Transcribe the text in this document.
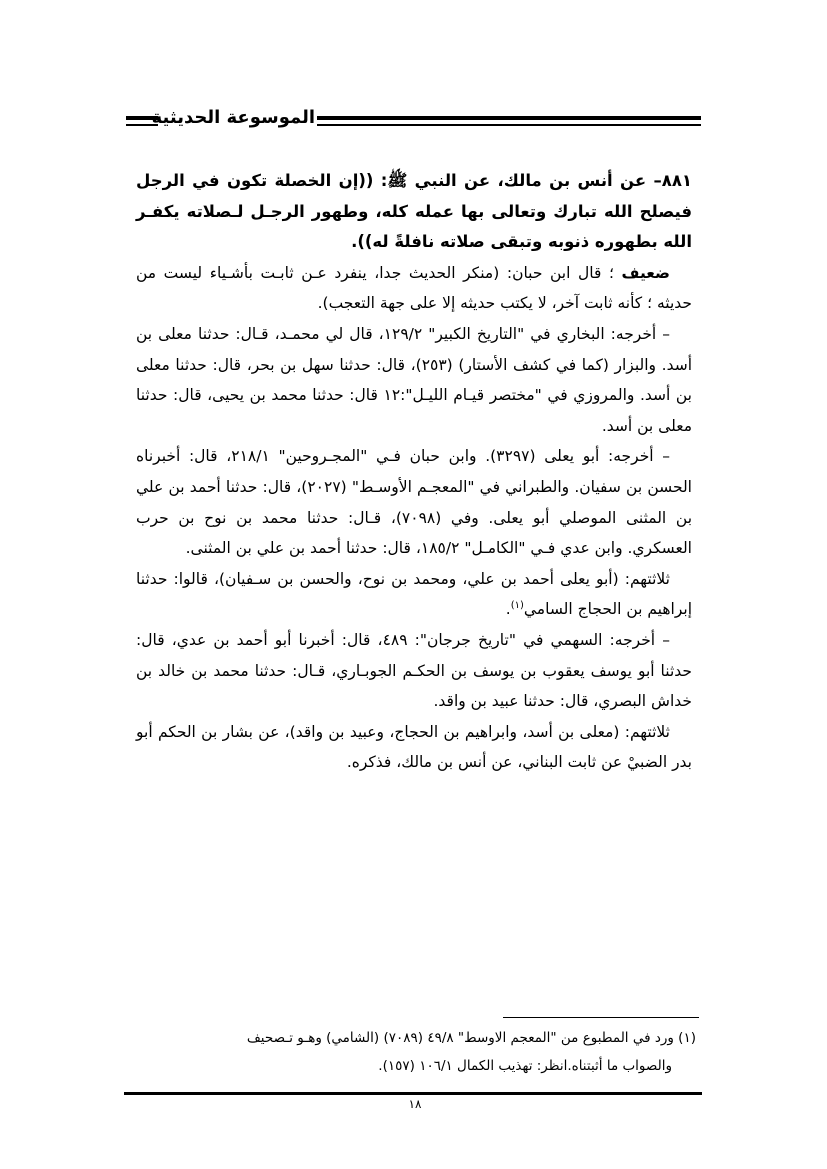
الموسوعة الحديثية

٨٨١– عن أنس بن مالك، عن النبي ﷺ: ((إن الخصلة تكون في الرجل فيصلح الله تبارك وتعالى بها عمله كله، وطهور الرجـل لـصلاته يكفـر الله بطهوره ذنوبه وتبقى صلاته نافلةً له)).

ضعيف ؛ قال ابن حبان: (منكر الحديث جدا، ينفرد عـن ثابـت بأشـياء ليست من حديثه ؛ كأنه ثابت آخر، لا يكتب حديثه إلا على جهة التعجب).

– أخرجه: البخاري في "التاريخ الكبير" ١٢٩/٢، قال لي محمـد، قـال: حدثنا معلى بن أسد. والبزار (كما في كشف الأستار) (٢٥٣)، قال: حدثنا سهل بن بحر، قال: حدثنا معلى بن أسد. والمروزي في "مختصر قيـام الليـل":١٢ قال: حدثنا محمد بن يحيى، قال: حدثنا معلى بن أسد.

– أخرجه: أبو يعلى (٣٢٩٧). وابن حبان فـي "المجـروحين" ٢١٨/١، قال: أخبرناه الحسن بن سفيان. والطبراني في "المعجـم الأوسـط" (٢٠٢٧)، قال: حدثنا أحمد بن علي بن المثنى الموصلي أبو يعلى. وفي (٧٠٩٨)، قـال: حدثنا محمد بن نوح بن حرب العسكري. وابن عدي فـي "الكامـل" ١٨٥/٢، قال: حدثنا أحمد بن علي بن المثنى.

ثلاثتهم: (أبو يعلى أحمد بن علي، ومحمد بن نوح، والحسن بن سـفيان)، قالوا: حدثنا إبراهيم بن الحجاج السامي$^{(١)}$.

– أخرجه: السهمي في "تاريخ جرجان": ٤٨٩، قال: أخبرنا أبو أحمد بن عدي، قال: حدثنا أبو يوسف يعقوب بن يوسف بن الحكـم الجوبـاري، قـال: حدثنا محمد بن خالد بن خداش البصري، قال: حدثنا عبيد بن واقد.

ثلاثتهم: (معلى بن أسد، وابراهيم بن الحجاج، وعبيد بن واقد)، عن بشار بن الحكم أبو بدر الضبيْ عن ثابت البناني، عن أنس بن مالك، فذكره.

(١) ورد في المطبوع من "المعجم الاوسط" ٤٩/٨ (٧٠٨٩) (الشامي) وهـو تـصحيف
والصواب ما أثبتناه.انظر: تهذيب الكمال ١٠٦/١ (١٥٧).
١٨
